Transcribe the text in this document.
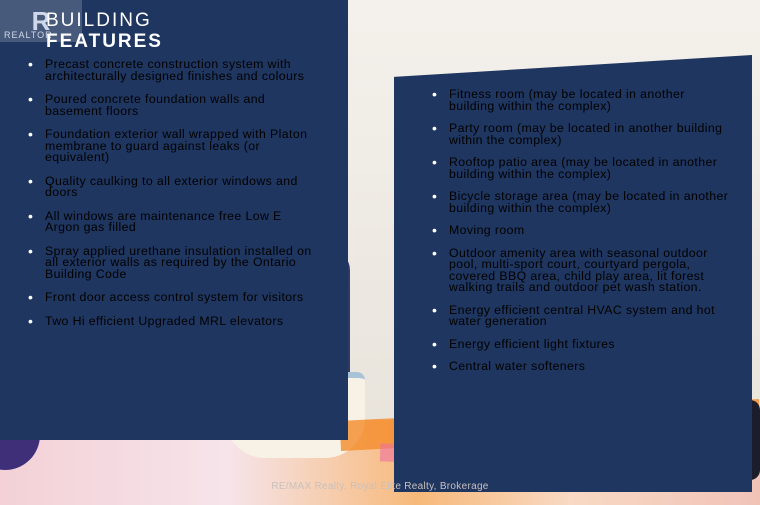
R
REALTOR
BUILDING
FEATURES
• Precast concrete construction system with architecturally designed finishes and colours
• Poured concrete foundation walls and basement floors
• Foundation exterior wall wrapped with Platon membrane to guard against leaks (or equivalent)
• Quality caulking to all exterior windows and doors
• All windows are maintenance free Low E Argon gas filled
• Spray applied urethane insulation installed on all exterior walls as required by the Ontario Building Code
• Front door access control system for visitors
• Two Hi efficient Upgraded MRL elevators
• Fitness room (may be located in another building within the complex)
• Party room (may be located in another building within the complex)
• Rooftop patio area (may be located in another building within the complex)
• Bicycle storage area (may be located in another building within the complex)
• Moving room
• Outdoor amenity area with seasonal outdoor pool, multi-sport court, courtyard pergola, covered BBQ area, child play area, lit forest walking trails and outdoor pet wash station.
• Energy efficient central HVAC system and hot water generation
• Energy efficient light fixtures
• Central water softeners
RE/MAX Realty, Royal Elite Realty, Brokerage
